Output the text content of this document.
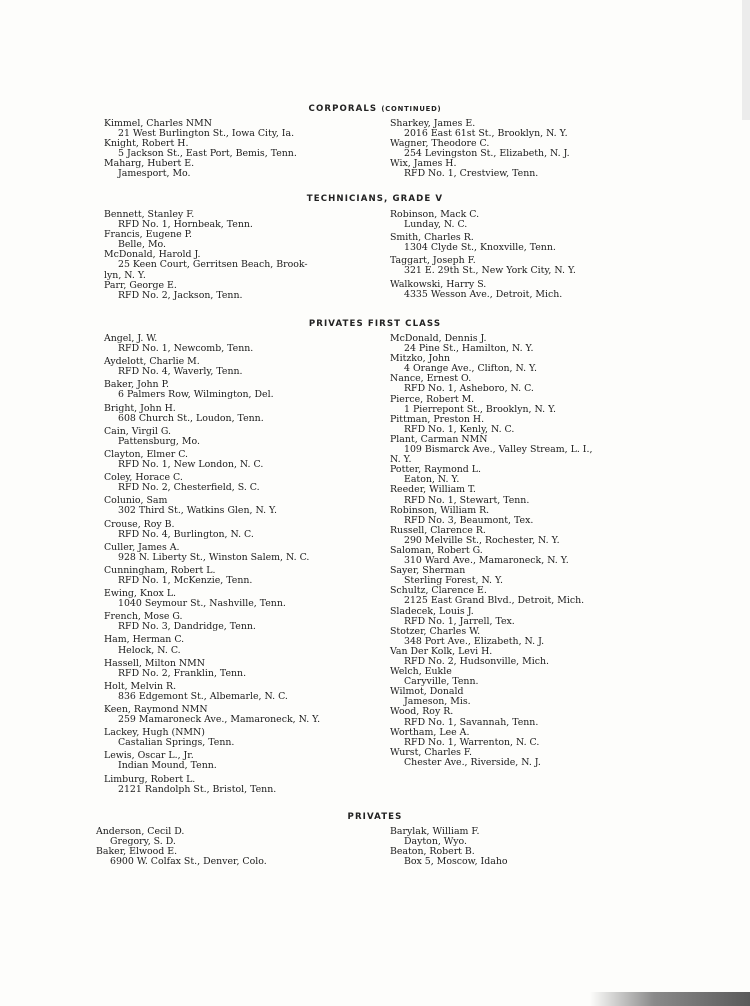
CORPORALS (CONTINUED)
Kimmel, Charles NMN
21 West Burlington St., Iowa City, Ia.
Knight, Robert H.
5 Jackson St., East Port, Bemis, Tenn.
Maharg, Hubert E.
Jamesport, Mo.
Sharkey, James E.
2016 East 61st St., Brooklyn, N. Y.
Wagner, Theodore C.
254 Levingston St., Elizabeth, N. J.
Wix, James H.
RFD No. 1, Crestview, Tenn.
TECHNICIANS, GRADE V
Bennett, Stanley F.
RFD No. 1, Hornbeak, Tenn.
Francis, Eugene P.
Belle, Mo.
McDonald, Harold J.
25 Keen Court, Gerritsen Beach, Brook-
lyn, N. Y.
Parr, George E.
RFD No. 2, Jackson, Tenn.
Robinson, Mack C.
Lunday, N. C.
Smith, Charles R.
1304 Clyde St., Knoxville, Tenn.
Taggart, Joseph F.
321 E. 29th St., New York City, N. Y.
Walkowski, Harry S.
4335 Wesson Ave., Detroit, Mich.
PRIVATES FIRST CLASS
Angel, J. W.
RFD No. 1, Newcomb, Tenn.
Aydelott, Charlie M.
RFD No. 4, Waverly, Tenn.
Baker, John P.
6 Palmers Row, Wilmington, Del.
Bright, John H.
608 Church St., Loudon, Tenn.
Cain, Virgil G.
Pattensburg, Mo.
Clayton, Elmer C.
RFD No. 1, New London, N. C.
Coley, Horace C.
RFD No. 2, Chesterfield, S. C.
Colunio, Sam
302 Third St., Watkins Glen, N. Y.
Crouse, Roy B.
RFD No. 4, Burlington, N. C.
Culler, James A.
928 N. Liberty St., Winston Salem, N. C.
Cunningham, Robert L.
RFD No. 1, McKenzie, Tenn.
Ewing, Knox L.
1040 Seymour St., Nashville, Tenn.
French, Mose G.
RFD No. 3, Dandridge, Tenn.
Ham, Herman C.
Helock, N. C.
Hassell, Milton NMN
RFD No. 2, Franklin, Tenn.
Holt, Melvin R.
836 Edgemont St., Albemarle, N. C.
Keen, Raymond NMN
259 Mamaroneck Ave., Mamaroneck, N. Y.
Lackey, Hugh (NMN)
Castalian Springs, Tenn.
Lewis, Oscar L., Jr.
Indian Mound, Tenn.
Limburg, Robert L.
2121 Randolph St., Bristol, Tenn.
McDonald, Dennis J.
24 Pine St., Hamilton, N. Y.
Mitzko, John
4 Orange Ave., Clifton, N. Y.
Nance, Ernest O.
RFD No. 1, Asheboro, N. C.
Pierce, Robert M.
1 Pierrepont St., Brooklyn, N. Y.
Pittman, Preston H.
RFD No. 1, Kenly, N. C.
Plant, Carman NMN
109 Bismarck Ave., Valley Stream, L. I.,
N. Y.
Potter, Raymond L.
Eaton, N. Y.
Reeder, William T.
RFD No. 1, Stewart, Tenn.
Robinson, William R.
RFD No. 3, Beaumont, Tex.
Russell, Clarence R.
290 Melville St., Rochester, N. Y.
Saloman, Robert G.
310 Ward Ave., Mamaroneck, N. Y.
Sayer, Sherman
Sterling Forest, N. Y.
Schultz, Clarence E.
2125 East Grand Blvd., Detroit, Mich.
Sladecek, Louis J.
RFD No. 1, Jarrell, Tex.
Stotzer, Charles W.
348 Port Ave., Elizabeth, N. J.
Van Der Kolk, Levi H.
RFD No. 2, Hudsonville, Mich.
Welch, Eukle
Caryville, Tenn.
Wilmot, Donald
Jameson, Mis.
Wood, Roy R.
RFD No. 1, Savannah, Tenn.
Wortham, Lee A.
RFD No. 1, Warrenton, N. C.
Wurst, Charles F.
Chester Ave., Riverside, N. J.
PRIVATES
Anderson, Cecil D.
Gregory, S. D.
Baker, Elwood E.
6900 W. Colfax St., Denver, Colo.
Barylak, William F.
Dayton, Wyo.
Beaton, Robert B.
Box 5, Moscow, Idaho
